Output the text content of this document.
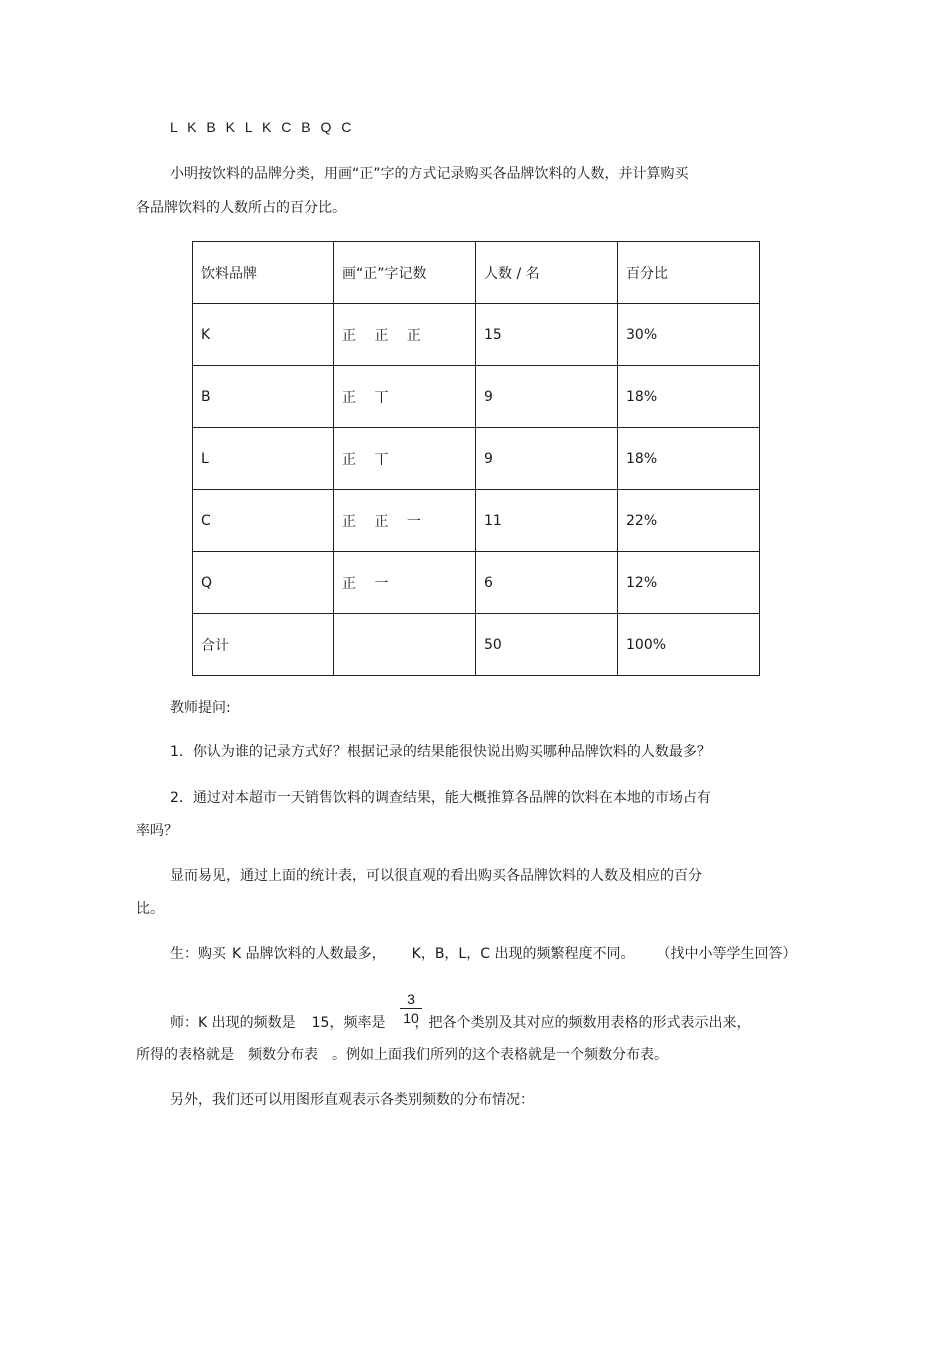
L K B K L K C B Q C
小明按饮料的品牌分类，用画“正”字的方式记录购买各品牌饮料的人数，并计算购买
各品牌饮料的人数所占的百分比。
饮料品牌	画“正”字记数	人数 / 名	百分比
K	正 正 正	15	30%
B	正 丅	9	18%
L	正 丅	9	18%
C	正 正 一	11	22%
Q	正 一	6	12%
合计		50	100%
教师提问:
1．你认为谁的记录方式好？根据记录的结果能很快说出购买哪种品牌饮料的人数最多？
2．通过对本超市一天销售饮料的调查结果，能大概推算各品牌的饮料在本地的市场占有
率吗？
显而易见，通过上面的统计表，可以很直观的看出购买各品牌饮料的人数及相应的百分
比。
生：购买 K 品牌饮料的人数最多， K，B，L，C 出现的频繁程度不同。 （找中小等学生回答）
师：K 出现的频数是 15，频率是 ，把各个类别及其对应的频数用表格的形式表示出来，
3
10
所得的表格就是 频数分布表 。例如上面我们所列的这个表格就是一个频数分布表。
另外，我们还可以用图形直观表示各类别频数的分布情况：
